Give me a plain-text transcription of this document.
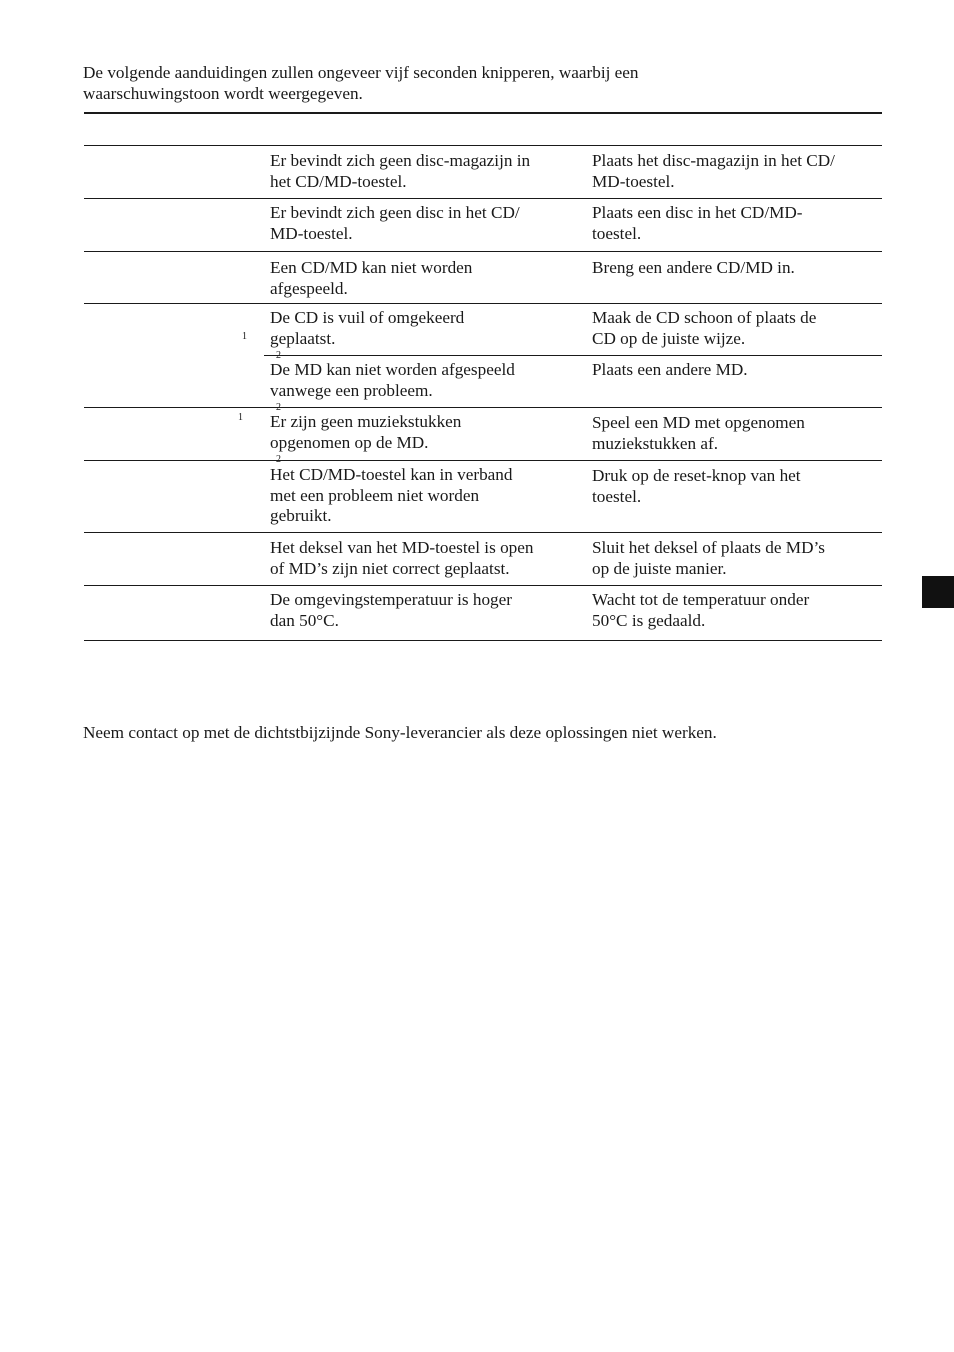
De volgende aanduidingen zullen ongeveer vijf seconden knipperen, waarbij een
waarschuwingstoon wordt weergegeven.

Er bevindt zich geen disc-magazijn in
het CD/MD-toestel.

Plaats het disc-magazijn in het CD/
MD-toestel.

Er bevindt zich geen disc in het CD/
MD-toestel.

Plaats een disc in het CD/MD-
toestel.

Een CD/MD kan niet worden
afgespeeld.

Breng een andere CD/MD in.

1

De CD is vuil of omgekeerd
geplaatst.
$^2$

Maak de CD schoon of plaats de
CD op de juiste wijze.

De MD kan niet worden afgespeeld
vanwege een probleem.
$^2$

Plaats een andere MD.

1 Er zijn geen muziekstukken
opgenomen op de MD.
$^2$

Speel een MD met opgenomen
muziekstukken af.

Het CD/MD-toestel kan in verband
met een probleem niet worden
gebruikt.

Druk op de reset-knop van het
toestel.

Het deksel van het MD-toestel is open
of MD’s zijn niet correct geplaatst.

Sluit het deksel of plaats de MD’s
op de juiste manier.

De omgevingstemperatuur is hoger
dan 50°C.

Wacht tot de temperatuur onder
50°C is gedaald.

Neem contact op met de dichtstbijzijnde Sony-leverancier als deze oplossingen niet werken.
